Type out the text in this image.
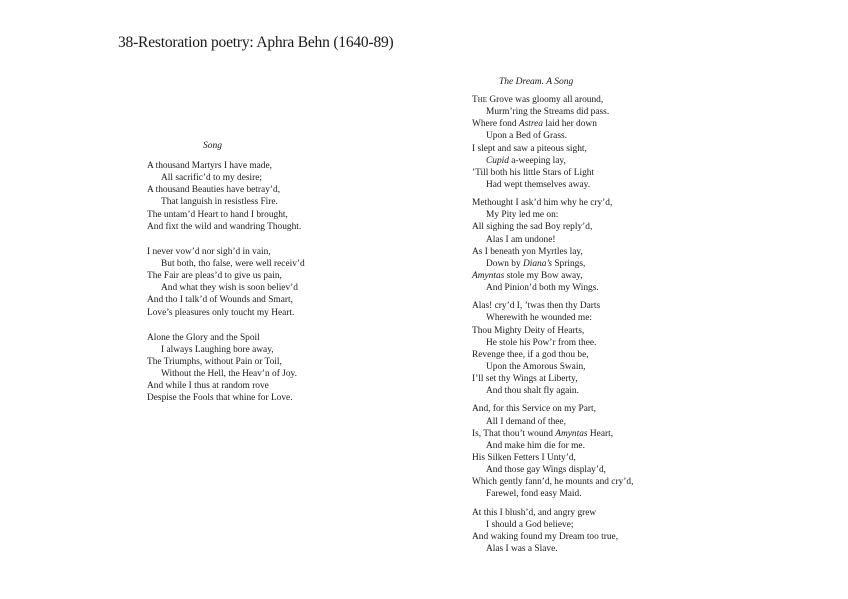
38-Restoration poetry: Aphra Behn (1640-89)
Song
A thousand Martyrs I have made,
All sacrific’d to my desire;
A thousand Beauties have betray’d,
That languish in resistless Fire.
The untam’d Heart to hand I brought,
And fixt the wild and wandring Thought.
I never vow’d nor sigh’d in vain,
But both, tho false, were well receiv’d
The Fair are pleas’d to give us pain,
And what they wish is soon believ’d
And tho I talk’d of Wounds and Smart,
Love’s pleasures only toucht my Heart.
Alone the Glory and the Spoil
I always Laughing bore away,
The Triumphs, without Pain or Toil,
Without the Hell, the Heav’n of Joy.
And while I thus at random rove
Despise the Fools that whine for Love.
The Dream. A Song
The Grove was gloomy all around,
Murm’ring the Streams did pass.
Where fond Astrea laid her down
Upon a Bed of Grass.
I slept and saw a piteous sight,
Cupid a-weeping lay,
’Till both his little Stars of Light
Had wept themselves away.
Methought I ask’d him why he cry’d,
My Pity led me on:
All sighing the sad Boy reply’d,
Alas I am undone!
As I beneath yon Myrtles lay,
Down by Diana’s Springs,
Amyntas stole my Bow away,
And Pinion’d both my Wings.
Alas! cry’d I, ’twas then thy Darts
Wherewith he wounded me:
Thou Mighty Deity of Hearts,
He stole his Pow’r from thee.
Revenge thee, if a god thou be,
Upon the Amorous Swain,
I’ll set thy Wings at Liberty,
And thou shalt fly again.
And, for this Service on my Part,
All I demand of thee,
Is, That thou’t wound Amyntas Heart,
And make him die for me.
His Silken Fetters I Unty’d,
And those gay Wings display’d,
Which gently fann’d, he mounts and cry’d,
Farewel, fond easy Maid.
At this I blush’d, and angry grew
I should a God believe;
And waking found my Dream too true,
Alas I was a Slave.
